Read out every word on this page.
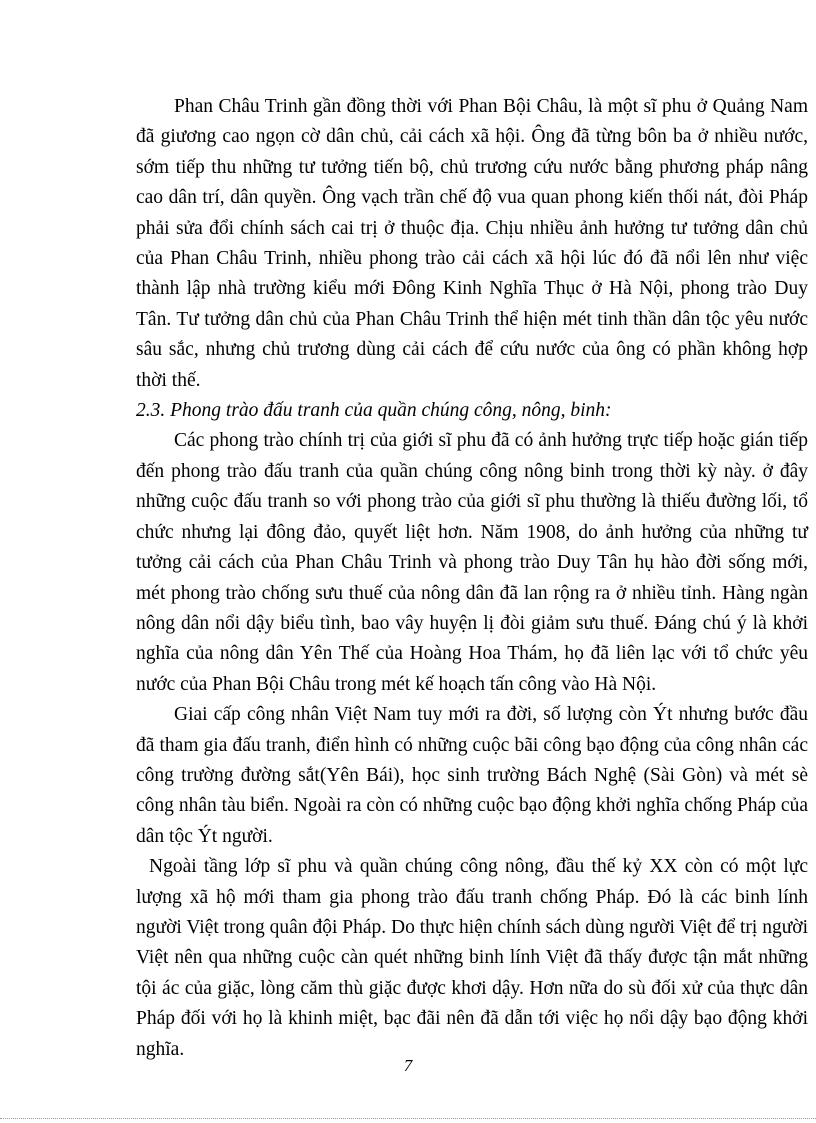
Phan Châu Trinh gần đồng thời với Phan Bội Châu, là một sĩ phu ở Quảng Nam đã giương cao ngọn cờ dân chủ, cải cách xã hội. Ông đã từng bôn ba ở nhiều nước, sớm tiếp thu những tư tưởng tiến bộ, chủ trương cứu nước bằng phương pháp nâng cao dân trí, dân quyền. Ông vạch trần chế độ vua quan phong kiến thối nát, đòi Pháp phải sửa đổi chính sách cai trị ở thuộc địa. Chịu nhiều ảnh hưởng tư tưởng dân chủ của Phan Châu Trinh, nhiều phong trào cải cách xã hội lúc đó đã nổi lên như việc thành lập nhà trường kiểu mới Đông Kinh Nghĩa Thục ở Hà Nội, phong trào Duy Tân. Tư tưởng dân chủ của Phan Châu Trinh thể hiện mét tinh thần dân tộc yêu nước sâu sắc, nhưng chủ trương dùng cải cách để cứu nước của ông có phần không hợp thời thế.

2.3. Phong trào đấu tranh của quần chúng công, nông, binh:

Các phong trào chính trị của giới sĩ phu đã có ảnh hưởng trực tiếp hoặc gián tiếp đến phong trào đấu tranh của quần chúng công nông binh trong thời kỳ này. ở đây những cuộc đấu tranh so với phong trào của giới sĩ phu thường là thiếu đường lối, tổ chức nhưng lại đông đảo, quyết liệt hơn. Năm 1908, do ảnh hưởng của những tư tưởng cải cách của Phan Châu Trinh và phong trào Duy Tân hụ hào đời sống mới, mét phong trào chống sưu thuế của nông dân đã lan rộng ra ở nhiều tỉnh. Hàng ngàn nông dân nổi dậy biểu tình, bao vây huyện lị đòi giảm sưu thuế. Đáng chú ý là khởi nghĩa của nông dân Yên Thế của Hoàng Hoa Thám, họ đã liên lạc với tổ chức yêu nước của Phan Bội Châu trong mét kế hoạch tấn công vào Hà Nội.

Giai cấp công nhân Việt Nam tuy mới ra đời, số lượng còn Ýt nhưng bước đầu đã tham gia đấu tranh, điển hình có những cuộc bãi công bạo động của công nhân các công trường đường sắt(Yên Bái), học sinh trường Bách Nghệ (Sài Gòn) và mét sè công nhân tàu biển. Ngoài ra còn có những cuộc bạo động khởi nghĩa chống Pháp của dân tộc Ýt người.

Ngoài tầng lớp sĩ phu và quần chúng công nông, đầu thế kỷ XX còn có một lực lượng xã hộ mới tham gia phong trào đấu tranh chống Pháp. Đó là các binh lính người Việt trong quân đội Pháp. Do thực hiện chính sách dùng người Việt để trị người Việt nên qua những cuộc càn quét những binh lính Việt đã thấy được tận mắt những tội ác của giặc, lòng căm thù giặc được khơi dậy. Hơn nữa do sù đối xử của thực dân Pháp đối với họ là khinh miệt, bạc đãi nên đã dẫn tới việc họ nổi dậy bạo động khởi nghĩa.

7
